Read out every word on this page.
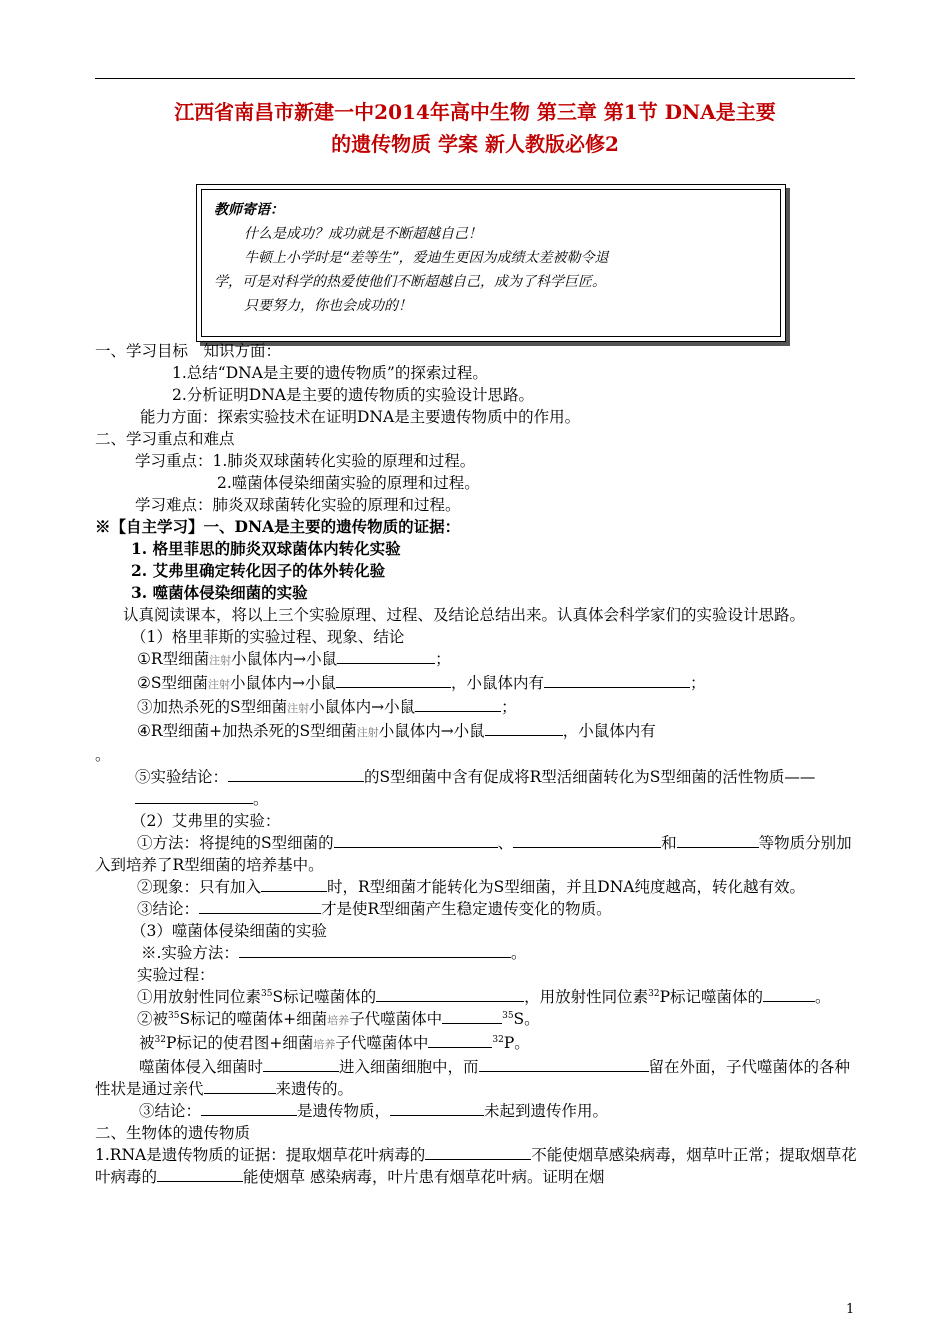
江西省南昌市新建一中2014年高中生物 第三章 第1节 DNA是主要
的遗传物质 学案 新人教版必修2
教师寄语：
什么是成功？成功就是不断超越自己！
牛顿上小学时是“差等生”，爱迪生更因为成绩太差被勒令退
学，可是对科学的热爱使他们不断超越自己，成为了科学巨匠。
只要努力，你也会成功的！

一、学习目标　知识方面：

1.总结“DNA是主要的遗传物质”的探索过程。

2.分析证明DNA是主要的遗传物质的实验设计思路。

能力方面：探索实验技术在证明DNA是主要遗传物质中的作用。

二、学习重点和难点

学习重点：1.肺炎双球菌转化实验的原理和过程。

2.噬菌体侵染细菌实验的原理和过程。

学习难点：肺炎双球菌转化实验的原理和过程。

※【自主学习】一、DNA是主要的遗传物质的证据：

1. 格里菲思的肺炎双球菌体内转化实验

2. 艾弗里确定转化因子的体外转化验

3. 噬菌体侵染细菌的实验

认真阅读课本，将以上三个实验原理、过程、及结论总结出来。认真体会科学家们的实验设计思路。

（1）格里菲斯的实验过程、现象、结论

①R型细菌注射小鼠体内→小鼠	；

②S型细菌注射小鼠体内→小鼠	，小鼠体内有	；

③加热杀死的S型细菌注射小鼠体内→小鼠	；

④R型细菌+加热杀死的S型细菌注射小鼠体内→小鼠	，小鼠体内有

。

⑤实验结论：	的S型细菌中含有促成将R型活细菌转化为S型细菌的活性物质——。

（2）艾弗里的实验：

①方法：将提纯的S型细菌的	、	和	等物质分别加入到培养了R型细菌的培养基中。

②现象：只有加入	时，R型细菌才能转化为S型细菌，并且DNA纯度越高，转化越有效。

③结论：	才是使R型细菌产生稳定遗传变化的物质。

（3）噬菌体侵染细菌的实验

※.实验方法：	。

实验过程：

①用放射性同位素$^{35}$S标记噬菌体的	，用放射性同位素$^{32}$P标记噬菌体的	。

②被$^{35}$S标记的噬菌体+细菌培养子代噬菌体中	$^{35}$S。

被$^{32}$P标记的使君图+细菌培养子代噬菌体中	$^{32}$P。

噬菌体侵入细菌时	进入细菌细胞中，而	留在外面，子代噬菌体的各种性状是通过亲代	来遗传的。

③结论：	是遗传物质，	未起到遗传作用。

二、生物体的遗传物质

1.RNA是遗传物质的证据：提取烟草花叶病毒的	不能使烟草感染病毒，烟草叶正常；提取烟草花叶病毒的	能使烟草 感染病毒，叶片患有烟草花叶病。证明在烟

1
